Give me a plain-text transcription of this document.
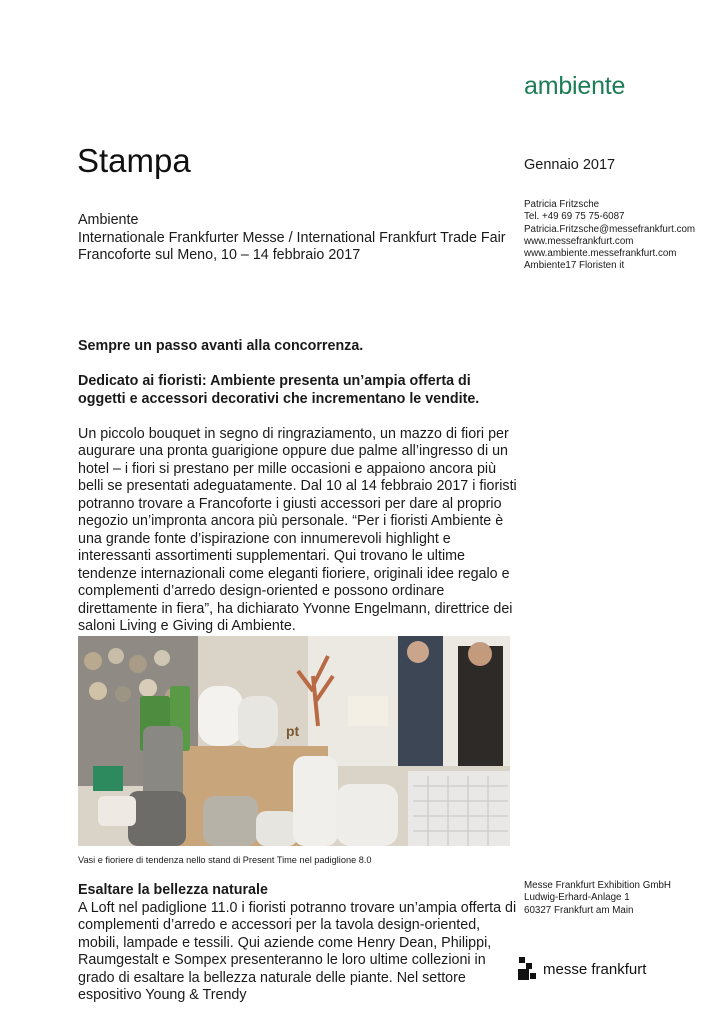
ambiente
Stampa	Gennaio 2017
Patricia Fritzsche
Tel. +49 69 75 75-6087
Patricia.Fritzsche@messefrankfurt.com
www.messefrankfurt.com
www.ambiente.messefrankfurt.com
Ambiente17 Floristen it
Ambiente
Internationale Frankfurter Messe / International Frankfurt Trade Fair
Francoforte sul Meno, 10 – 14 febbraio 2017

Sempre un passo avanti alla concorrenza.

Dedicato ai fioristi: Ambiente presenta un’ampia offerta di oggetti e accessori decorativi che incrementano le vendite.

Un piccolo bouquet in segno di ringraziamento, un mazzo di fiori per augurare una pronta guarigione oppure due palme all’ingresso di un hotel – i fiori si prestano per mille occasioni e appaiono ancora più belli se presentati adeguatamente. Dal 10 al 14 febbraio 2017 i fioristi potranno trovare a Francoforte i giusti accessori per dare al proprio negozio un’impronta ancora più personale. “Per i fioristi Ambiente è una grande fonte d’ispirazione con innumerevoli highlight e interessanti assortimenti supplementari. Qui trovano le ultime tendenze internazionali come eleganti fioriere, originali idee regalo e complementi d’arredo design-oriented e possono ordinare direttamente in fiera”, ha dichiarato Yvonne Engelmann, direttrice dei saloni Living e Giving di Ambiente.

pt
Vasi e fioriere di tendenza nello stand di Present Time nel padiglione 8.0
Esaltare la bellezza naturale

A Loft nel padiglione 11.0 i fioristi potranno trovare un’ampia offerta di complementi d’arredo e accessori per la tavola design-oriented, mobili, lampade e tessili. Qui aziende come Henry Dean, Philippi, Raumgestalt e Sompex presenteranno le loro ultime collezioni in grado di esaltare la bellezza naturale delle piante. Nel settore espositivo Young & Trendy

Messe Frankfurt Exhibition GmbH
Ludwig-Erhard-Anlage 1
60327 Frankfurt am Main
messe frankfurt
